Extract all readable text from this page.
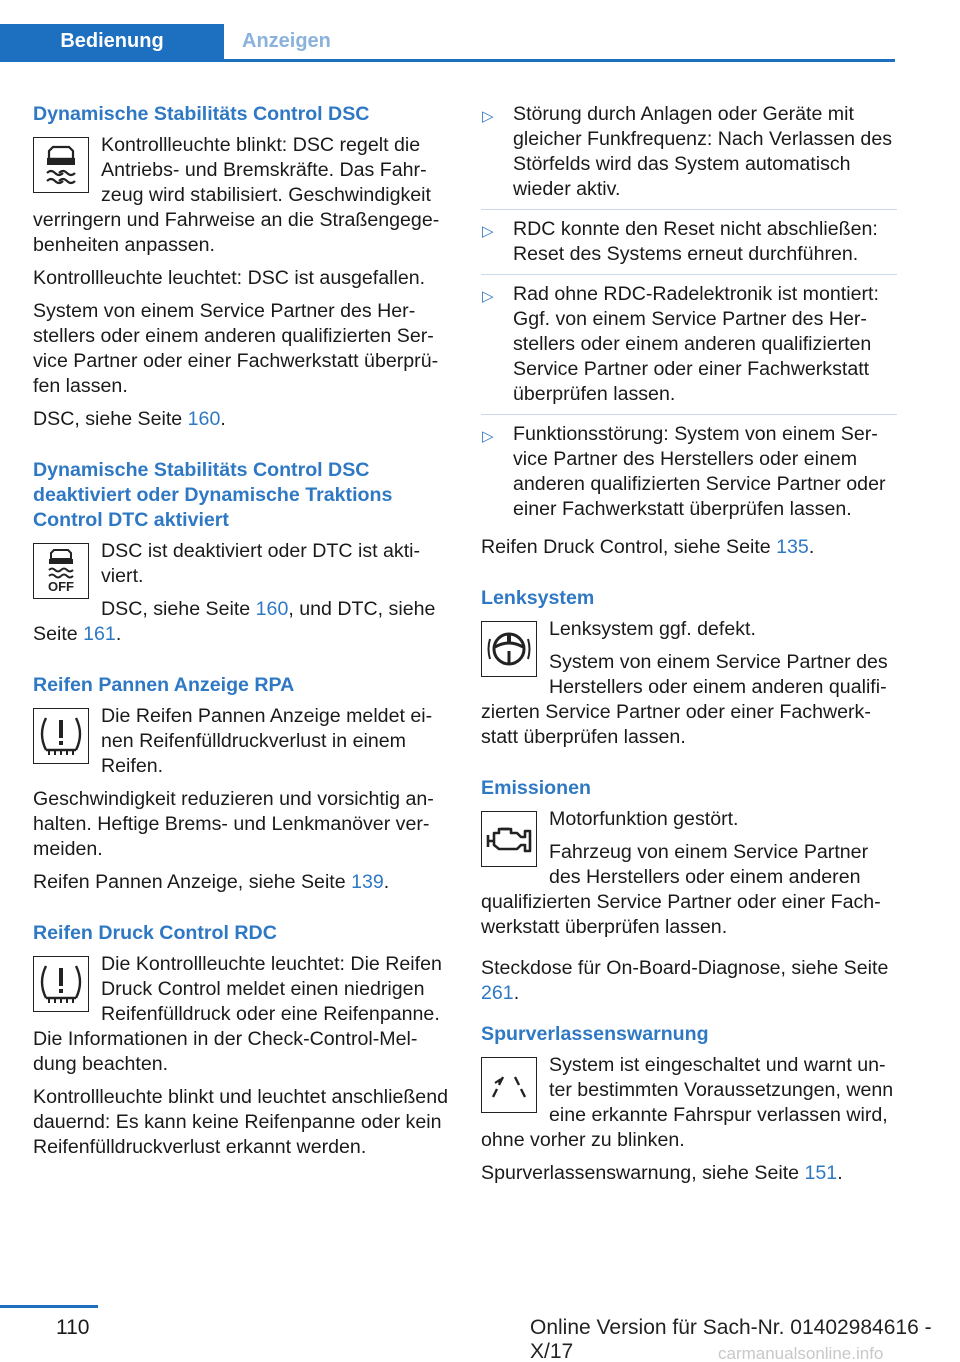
Bedienung	Anzeigen
Dynamische Stabilitäts Control DSC

Kontrollleuchte blinkt: DSC regelt die Antriebs- und Bremskräfte. Das Fahrzeug wird stabilisiert. Geschwindigkeit verringern und Fahrweise an die Straßengegebenheiten anpassen.

Kontrollleuchte leuchtet: DSC ist ausgefallen.

System von einem Service Partner des Herstellers oder einem anderen qualifizierten Service Partner oder einer Fachwerkstatt überprüfen lassen.

DSC, siehe Seite 160.

Dynamische Stabilitäts Control DSC deaktiviert oder Dynamische Traktions Control DTC aktiviert
OFF

DSC ist deaktiviert oder DTC ist aktiviert.

DSC, siehe Seite 160, und DTC, siehe Seite 161.

Reifen Pannen Anzeige RPA

Die Reifen Pannen Anzeige meldet einen Reifenfülldruckverlust in einem Reifen.

Geschwindigkeit reduzieren und vorsichtig anhalten. Heftige Brems- und Lenkmanöver vermeiden.

Reifen Pannen Anzeige, siehe Seite 139.

Reifen Druck Control RDC

Die Kontrollleuchte leuchtet: Die Reifen Druck Control meldet einen niedrigen Reifenfülldruck oder eine Reifenpanne. Die Informationen in der Check-Control-Meldung beachten.

Kontrollleuchte blinkt und leuchtet anschließend dauernd: Es kann keine Reifenpanne oder kein Reifenfülldruckverlust erkannt werden.

▷ Störung durch Anlagen oder Geräte mit gleicher Funkfrequenz: Nach Verlassen des Störfelds wird das System automatisch wieder aktiv.
▷ RDC konnte den Reset nicht abschließen: Reset des Systems erneut durchführen.
▷ Rad ohne RDC-Radelektronik ist montiert: Ggf. von einem Service Partner des Herstellers oder einem anderen qualifizierten Service Partner oder einer Fachwerkstatt überprüfen lassen.
▷ Funktionsstörung: System von einem Service Partner des Herstellers oder einem anderen qualifizierten Service Partner oder einer Fachwerkstatt überprüfen lassen.

Reifen Druck Control, siehe Seite 135.

Lenksystem

Lenksystem ggf. defekt.

System von einem Service Partner des Herstellers oder einem anderen qualifizierten Service Partner oder einer Fachwerkstatt überprüfen lassen.

Emissionen

Motorfunktion gestört.

Fahrzeug von einem Service Partner des Herstellers oder einem anderen qualifizierten Service Partner oder einer Fachwerkstatt überprüfen lassen.

Steckdose für On-Board-Diagnose, siehe Seite 261.

Spurverlassenswarnung

System ist eingeschaltet und warnt unter bestimmten Voraussetzungen, wenn eine erkannte Fahrspur verlassen wird, ohne vorher zu blinken.

Spurverlassenswarnung, siehe Seite 151.

110	Online Version für Sach-Nr. 01402984616 - X/17	carmanualsonline.info
